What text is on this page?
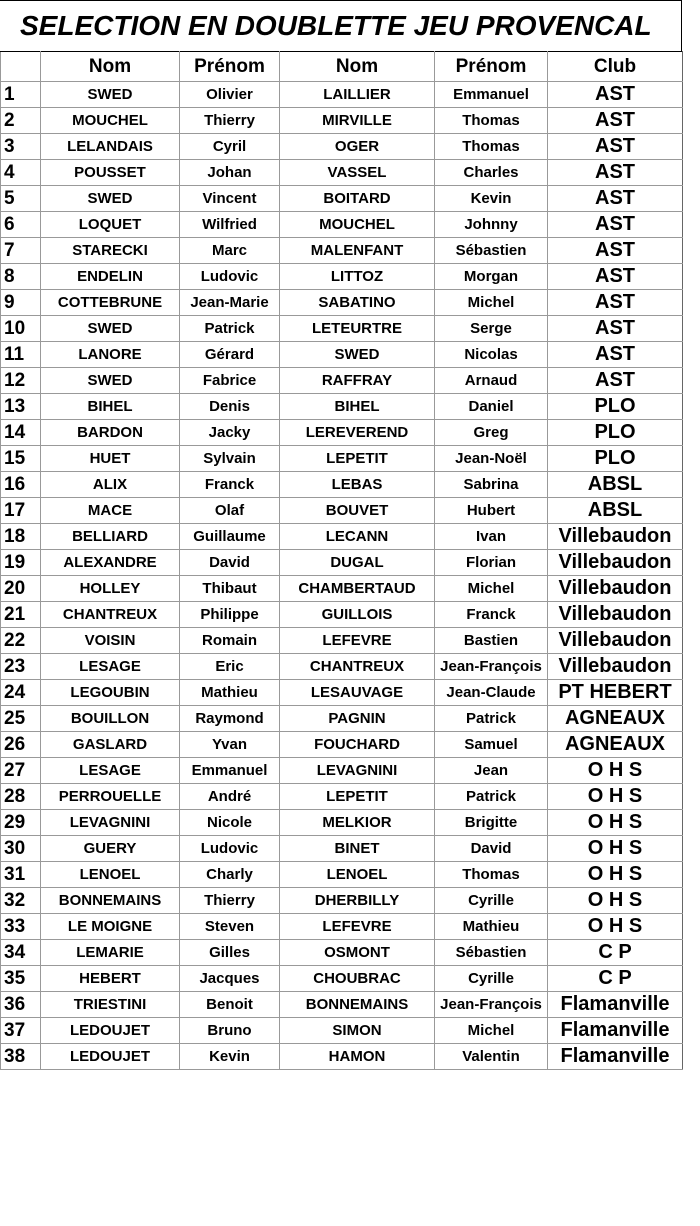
SELECTION EN DOUBLETTE JEU PROVENCAL
	Nom	Prénom	Nom	Prénom	Club
1	SWED	Olivier	LAILLIER	Emmanuel	AST
2	MOUCHEL	Thierry	MIRVILLE	Thomas	AST
3	LELANDAIS	Cyril	OGER	Thomas	AST
4	POUSSET	Johan	VASSEL	Charles	AST
5	SWED	Vincent	BOITARD	Kevin	AST
6	LOQUET	Wilfried	MOUCHEL	Johnny	AST
7	STARECKI	Marc	MALENFANT	Sébastien	AST
8	ENDELIN	Ludovic	LITTOZ	Morgan	AST
9	COTTEBRUNE	Jean-Marie	SABATINO	Michel	AST
10	SWED	Patrick	LETEURTRE	Serge	AST
11	LANORE	Gérard	SWED	Nicolas	AST
12	SWED	Fabrice	RAFFRAY	Arnaud	AST
13	BIHEL	Denis	BIHEL	Daniel	PLO
14	BARDON	Jacky	LEREVEREND	Greg	PLO
15	HUET	Sylvain	LEPETIT	Jean-Noël	PLO
16	ALIX	Franck	LEBAS	Sabrina	ABSL
17	MACE	Olaf	BOUVET	Hubert	ABSL
18	BELLIARD	Guillaume	LECANN	Ivan	Villebaudon
19	ALEXANDRE	David	DUGAL	Florian	Villebaudon
20	HOLLEY	Thibaut	CHAMBERTAUD	Michel	Villebaudon
21	CHANTREUX	Philippe	GUILLOIS	Franck	Villebaudon
22	VOISIN	Romain	LEFEVRE	Bastien	Villebaudon
23	LESAGE	Eric	CHANTREUX	Jean-François	Villebaudon
24	LEGOUBIN	Mathieu	LESAUVAGE	Jean-Claude	PT HEBERT
25	BOUILLON	Raymond	PAGNIN	Patrick	AGNEAUX
26	GASLARD	Yvan	FOUCHARD	Samuel	AGNEAUX
27	LESAGE	Emmanuel	LEVAGNINI	Jean	O H S
28	PERROUELLE	André	LEPETIT	Patrick	O H S
29	LEVAGNINI	Nicole	MELKIOR	Brigitte	O H S
30	GUERY	Ludovic	BINET	David	O H S
31	LENOEL	Charly	LENOEL	Thomas	O H S
32	BONNEMAINS	Thierry	DHERBILLY	Cyrille	O H S
33	LE MOIGNE	Steven	LEFEVRE	Mathieu	O H S
34	LEMARIE	Gilles	OSMONT	Sébastien	C P
35	HEBERT	Jacques	CHOUBRAC	Cyrille	C P
36	TRIESTINI	Benoit	BONNEMAINS	Jean-François	Flamanville
37	LEDOUJET	Bruno	SIMON	Michel	Flamanville
38	LEDOUJET	Kevin	HAMON	Valentin	Flamanville
